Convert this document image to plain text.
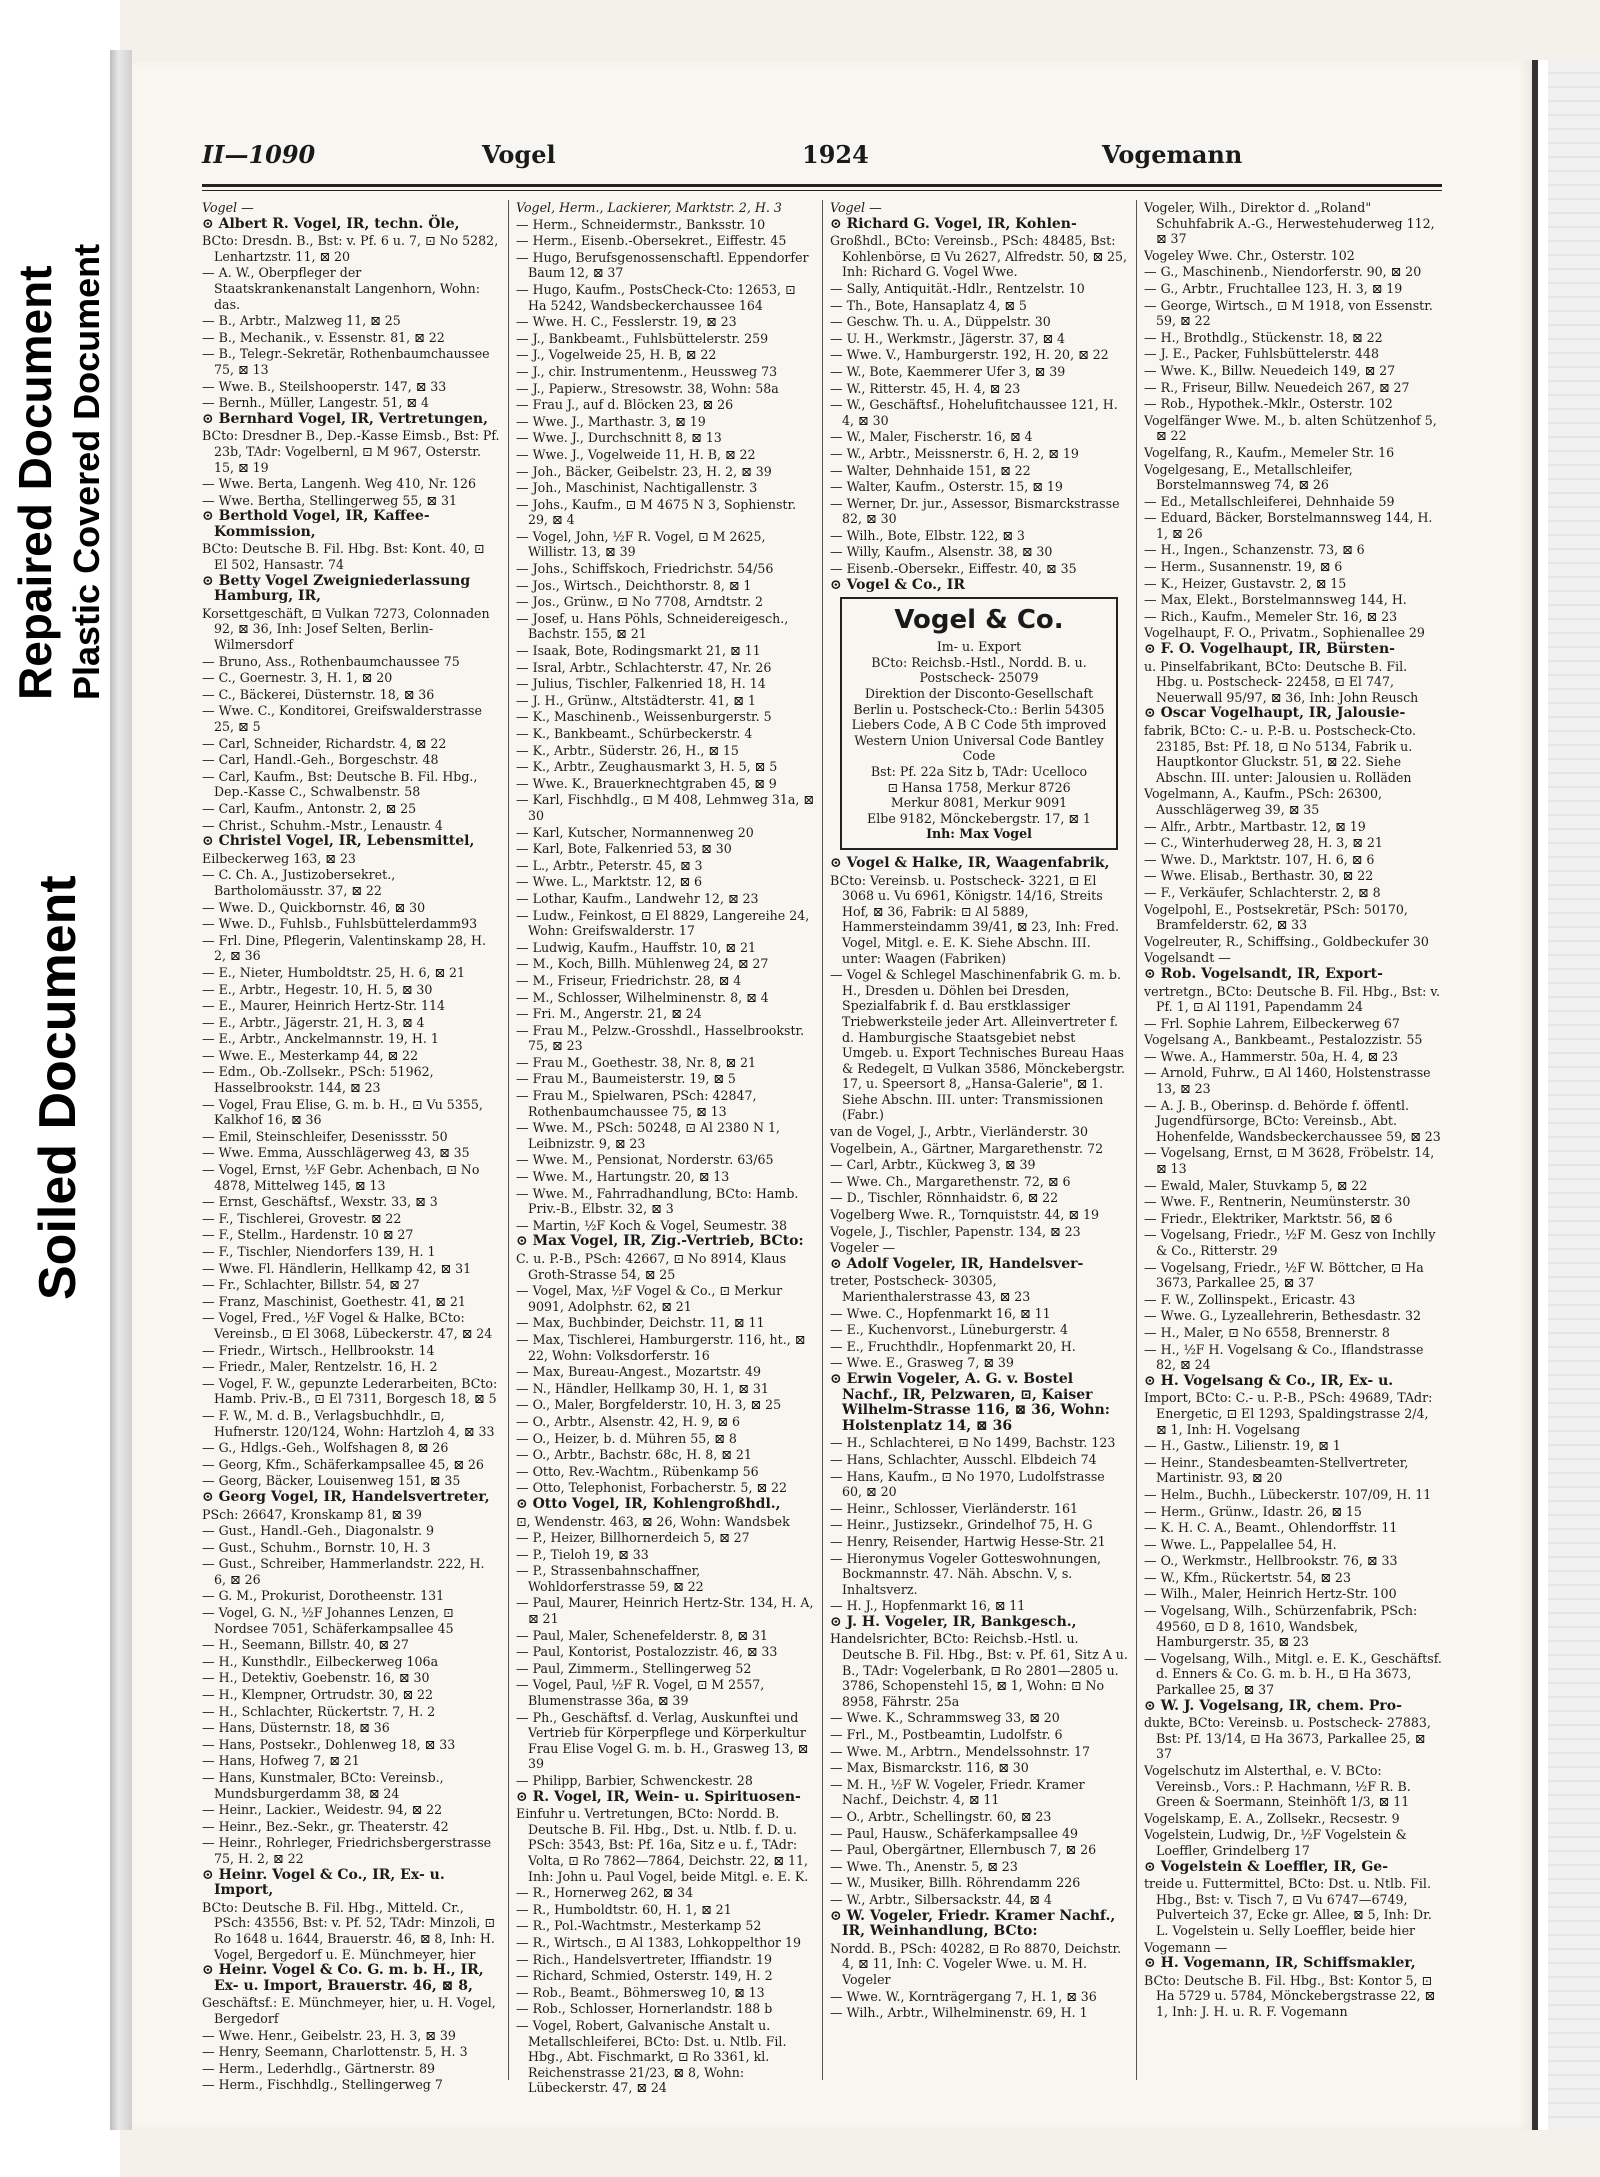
Repaired Document Plastic Covered Document
Soiled Document
II—1090	Vogel	1924	Vogemann

Vogel —

⊙ Albert R. Vogel, IR, techn. Öle,

BCto: Dresdn. B., Bst: v. Pf. 6 u. 7, ⊡ No 5282, Lenhartzstr. 11, ⊠ 20

— A. W., Oberpfleger der Staatskrankenanstalt Langenhorn, Wohn: das.

— B., Arbtr., Malzweg 11, ⊠ 25

— B., Mechanik., v. Essenstr. 81, ⊠ 22

— B., Telegr.-Sekretär, Rothenbaumchaussee 75, ⊠ 13

— Wwe. B., Steilshooperstr. 147, ⊠ 33

— Bernh., Müller, Langestr. 51, ⊠ 4

⊙ Bernhard Vogel, IR, Vertretungen,

BCto: Dresdner B., Dep.-Kasse Eimsb., Bst: Pf. 23b, TAdr: Vogelbernl, ⊡ M 967, Osterstr. 15, ⊠ 19

— Wwe. Berta, Langenh. Weg 410, Nr. 126

— Wwe. Bertha, Stellingerweg 55, ⊠ 31

⊙ Berthold Vogel, IR, Kaffee-Kommission,

BCto: Deutsche B. Fil. Hbg. Bst: Kont. 40, ⊡ El 502, Hansastr. 74

⊙ Betty Vogel Zweigniederlassung Hamburg, IR,

Korsettgeschäft, ⊡ Vulkan 7273, Colonnaden 92, ⊠ 36, Inh: Josef Selten, Berlin-Wilmersdorf

— Bruno, Ass., Rothenbaumchaussee 75

— C., Goernestr. 3, H. 1, ⊠ 20

— C., Bäckerei, Düsternstr. 18, ⊠ 36

— Wwe. C., Konditorei, Greifswalderstrasse 25, ⊠ 5

— Carl, Schneider, Richardstr. 4, ⊠ 22

— Carl, Handl.-Geh., Borgeschstr. 48

— Carl, Kaufm., Bst: Deutsche B. Fil. Hbg., Dep.-Kasse C., Schwalbenstr. 58

— Carl, Kaufm., Antonstr. 2, ⊠ 25

— Christ., Schuhm.-Mstr., Lenaustr. 4

⊙ Christel Vogel, IR, Lebensmittel,

Eilbeckerweg 163, ⊠ 23

— C. Ch. A., Justizobersekret., Bartholomäusstr. 37, ⊠ 22

— Wwe. D., Quickbornstr. 46, ⊠ 30

— Wwe. D., Fuhlsb., Fuhlsbüttelerdamm93

— Frl. Dine, Pflegerin, Valentinskamp 28, H. 2, ⊠ 36

— E., Nieter, Humboldtstr. 25, H. 6, ⊠ 21

— E., Arbtr., Hegestr. 10, H. 5, ⊠ 30

— E., Maurer, Heinrich Hertz-Str. 114

— E., Arbtr., Jägerstr. 21, H. 3, ⊠ 4

— E., Arbtr., Anckelmannstr. 19, H. 1

— Wwe. E., Mesterkamp 44, ⊠ 22

— Edm., Ob.-Zollsekr., PSch: 51962, Hasselbrookstr. 144, ⊠ 23

— Vogel, Frau Elise, G. m. b. H., ⊡ Vu 5355, Kalkhof 16, ⊠ 36

— Emil, Steinschleifer, Desenissstr. 50

— Wwe. Emma, Ausschlägerweg 43, ⊠ 35

— Vogel, Ernst, ½F Gebr. Achenbach, ⊡ No 4878, Mittelweg 145, ⊠ 13

— Ernst, Geschäftsf., Wexstr. 33, ⊠ 3

— F., Tischlerei, Grovestr. ⊠ 22

— F., Stellm., Hardenstr. 10 ⊠ 27

— F., Tischler, Niendorfers 139, H. 1

— Wwe. Fl. Händlerin, Hellkamp 42, ⊠ 31

— Fr., Schlachter, Billstr. 54, ⊠ 27

— Franz, Maschinist, Goethestr. 41, ⊠ 21

— Vogel, Fred., ½F Vogel & Halke, BCto: Vereinsb., ⊡ El 3068, Lübeckerstr. 47, ⊠ 24

— Friedr., Wirtsch., Hellbrookstr. 14

— Friedr., Maler, Rentzelstr. 16, H. 2

— Vogel, F. W., gepunzte Lederarbeiten, BCto: Hamb. Priv.-B., ⊡ El 7311, Borgesch 18, ⊠ 5

— F. W., M. d. B., Verlagsbuchhdlr., ⊡, Hufnerstr. 120/124, Wohn: Hartzloh 4, ⊠ 33

— G., Hdlgs.-Geh., Wolfshagen 8, ⊠ 26

— Georg, Kfm., Schäferkampsallee 45, ⊠ 26

— Georg, Bäcker, Louisenweg 151, ⊠ 35

⊙ Georg Vogel, IR, Handelsvertreter,

PSch: 26647, Kronskamp 81, ⊠ 39

— Gust., Handl.-Geh., Diagonalstr. 9

— Gust., Schuhm., Bornstr. 10, H. 3

— Gust., Schreiber, Hammerlandstr. 222, H. 6, ⊠ 26

— G. M., Prokurist, Dorotheenstr. 131

— Vogel, G. N., ½F Johannes Lenzen, ⊡ Nordsee 7051, Schäferkampsallee 45

— H., Seemann, Billstr. 40, ⊠ 27

— H., Kunsthdlr., Eilbeckerweg 106a

— H., Detektiv, Goebenstr. 16, ⊠ 30

— H., Klempner, Ortrudstr. 30, ⊠ 22

— H., Schlachter, Rückertstr. 7, H. 2

— Hans, Düsternstr. 18, ⊠ 36

— Hans, Postsekr., Dohlenweg 18, ⊠ 33

— Hans, Hofweg 7, ⊠ 21

— Hans, Kunstmaler, BCto: Vereinsb., Mundsburgerdamm 38, ⊠ 24

— Heinr., Lackier., Weidestr. 94, ⊠ 22

— Heinr., Bez.-Sekr., gr. Theaterstr. 42

— Heinr., Rohrleger, Friedrichsbergerstrasse 75, H. 2, ⊠ 22

⊙ Heinr. Vogel & Co., IR, Ex- u. Import,

BCto: Deutsche B. Fil. Hbg., Mitteld. Cr., PSch: 43556, Bst: v. Pf. 52, TAdr: Minzoli, ⊡ Ro 1648 u. 1644, Brauerstr. 46, ⊠ 8, Inh: H. Vogel, Bergedorf u. E. Münchmeyer, hier

⊙ Heinr. Vogel & Co. G. m. b. H., IR, Ex- u. Import, Brauerstr. 46, ⊠ 8,

Geschäftsf.: E. Münchmeyer, hier, u. H. Vogel, Bergedorf

— Wwe. Henr., Geibelstr. 23, H. 3, ⊠ 39

— Henry, Seemann, Charlottenstr. 5, H. 3

— Herm., Lederhdlg., Gärtnerstr. 89

— Herm., Fischhdlg., Stellingerweg 7

Vogel, Herm., Lackierer, Marktstr. 2, H. 3

— Herm., Schneidermstr., Banksstr. 10

— Herm., Eisenb.-Obersekret., Eiffestr. 45

— Hugo, Berufsgenossenschaftl. Eppendorfer Baum 12, ⊠ 37

— Hugo, Kaufm., PostsCheck-Cto: 12653, ⊡ Ha 5242, Wandsbeckerchaussee 164

— Wwe. H. C., Fesslerstr. 19, ⊠ 23

— J., Bankbeamt., Fuhlsbüttelerstr. 259

— J., Vogelweide 25, H. B, ⊠ 22

— J., chir. Instrumentenm., Heussweg 73

— J., Papierw., Stresowstr. 38, Wohn: 58a

— Frau J., auf d. Blöcken 23, ⊠ 26

— Wwe. J., Marthastr. 3, ⊠ 19

— Wwe. J., Durchschnitt 8, ⊠ 13

— Wwe. J., Vogelweide 11, H. B, ⊠ 22

— Joh., Bäcker, Geibelstr. 23, H. 2, ⊠ 39

— Joh., Maschinist, Nachtigallenstr. 3

— Johs., Kaufm., ⊡ M 4675 N 3, Sophienstr. 29, ⊠ 4

— Vogel, John, ½F R. Vogel, ⊡ M 2625, Willistr. 13, ⊠ 39

— Johs., Schiffskoch, Friedrichstr. 54/56

— Jos., Wirtsch., Deichthorstr. 8, ⊠ 1

— Jos., Grünw., ⊡ No 7708, Arndtstr. 2

— Josef, u. Hans Pöhls, Schneidereigesch., Bachstr. 155, ⊠ 21

— Isaak, Bote, Rodingsmarkt 21, ⊠ 11

— Isral, Arbtr., Schlachterstr. 47, Nr. 26

— Julius, Tischler, Falkenried 18, H. 14

— J. H., Grünw., Altstädterstr. 41, ⊠ 1

— K., Maschinenb., Weissenburgerstr. 5

— K., Bankbeamt., Schürbeckerstr. 4

— K., Arbtr., Süderstr. 26, H., ⊠ 15

— K., Arbtr., Zeughausmarkt 3, H. 5, ⊠ 5

— Wwe. K., Brauerknechtgraben 45, ⊠ 9

— Karl, Fischhdlg., ⊡ M 408, Lehmweg 31a, ⊠ 30

— Karl, Kutscher, Normannenweg 20

— Karl, Bote, Falkenried 53, ⊠ 30

— L., Arbtr., Peterstr. 45, ⊠ 3

— Wwe. L., Marktstr. 12, ⊠ 6

— Lothar, Kaufm., Landwehr 12, ⊠ 23

— Ludw., Feinkost, ⊡ El 8829, Langereihe 24, Wohn: Greifswalderstr. 17

— Ludwig, Kaufm., Hauffstr. 10, ⊠ 21

— M., Koch, Billh. Mühlenweg 24, ⊠ 27

— M., Friseur, Friedrichstr. 28, ⊠ 4

— M., Schlosser, Wilhelminenstr. 8, ⊠ 4

— Fri. M., Angerstr. 21, ⊠ 24

— Frau M., Pelzw.-Grosshdl., Hasselbrookstr. 75, ⊠ 23

— Frau M., Goethestr. 38, Nr. 8, ⊠ 21

— Frau M., Baumeisterstr. 19, ⊠ 5

— Frau M., Spielwaren, PSch: 42847, Rothenbaumchaussee 75, ⊠ 13

— Wwe. M., PSch: 50248, ⊡ Al 2380 N 1, Leibnizstr. 9, ⊠ 23

— Wwe. M., Pensionat, Norderstr. 63/65

— Wwe. M., Hartungstr. 20, ⊠ 13

— Wwe. M., Fahrradhandlung, BCto: Hamb. Priv.-B., Elbstr. 32, ⊠ 3

— Martin, ½F Koch & Vogel, Seumestr. 38

⊙ Max Vogel, IR, Zig.-Vertrieb, BCto:

C. u. P.-B., PSch: 42667, ⊡ No 8914, Klaus Groth-Strasse 54, ⊠ 25

— Vogel, Max, ½F Vogel & Co., ⊡ Merkur 9091, Adolphstr. 62, ⊠ 21

— Max, Buchbinder, Deichstr. 11, ⊠ 11

— Max, Tischlerei, Hamburgerstr. 116, ht., ⊠ 22, Wohn: Volksdorferstr. 16

— Max, Bureau-Angest., Mozartstr. 49

— N., Händler, Hellkamp 30, H. 1, ⊠ 31

— O., Maler, Borgfelderstr. 10, H. 3, ⊠ 25

— O., Arbtr., Alsenstr. 42, H. 9, ⊠ 6

— O., Heizer, b. d. Mühren 55, ⊠ 8

— O., Arbtr., Bachstr. 68c, H. 8, ⊠ 21

— Otto, Rev.-Wachtm., Rübenkamp 56

— Otto, Telephonist, Forbacherstr. 5, ⊠ 22

⊙ Otto Vogel, IR, Kohlengroßhdl.,

⊡, Wendenstr. 463, ⊠ 26, Wohn: Wandsbek

— P., Heizer, Billhornerdeich 5, ⊠ 27

— P., Tieloh 19, ⊠ 33

— P., Strassenbahnschaffner, Wohldorferstrasse 59, ⊠ 22

— Paul, Maurer, Heinrich Hertz-Str. 134, H. A, ⊠ 21

— Paul, Maler, Schenefelderstr. 8, ⊠ 31

— Paul, Kontorist, Postalozzistr. 46, ⊠ 33

— Paul, Zimmerm., Stellingerweg 52

— Vogel, Paul, ½F R. Vogel, ⊡ M 2557, Blumenstrasse 36a, ⊠ 39

— Ph., Geschäftsf. d. Verlag, Auskunftei und Vertrieb für Körperpflege und Körperkultur Frau Elise Vogel G. m. b. H., Grasweg 13, ⊠ 39

— Philipp, Barbier, Schwenckestr. 28

⊙ R. Vogel, IR, Wein- u. Spirituosen-

Einfuhr u. Vertretungen, BCto: Nordd. B. Deutsche B. Fil. Hbg., Dst. u. Ntlb. f. D. u. PSch: 3543, Bst: Pf. 16a, Sitz e u. f., TAdr: Volta, ⊡ Ro 7862—7864, Deichstr. 22, ⊠ 11, Inh: John u. Paul Vogel, beide Mitgl. e. E. K.

— R., Hornerweg 262, ⊠ 34

— R., Humboldtstr. 60, H. 1, ⊠ 21

— R., Pol.-Wachtmstr., Mesterkamp 52

— R., Wirtsch., ⊡ Al 1383, Lohkoppelthor 19

— Rich., Handelsvertreter, Iffiandstr. 19

— Richard, Schmied, Osterstr. 149, H. 2

— Rob., Beamt., Böhmersweg 10, ⊠ 13

— Rob., Schlosser, Hornerlandstr. 188 b

— Vogel, Robert, Galvanische Anstalt u. Metallschleiferei, BCto: Dst. u. Ntlb. Fil. Hbg., Abt. Fischmarkt, ⊡ Ro 3361, kl. Reichenstrasse 21/23, ⊠ 8, Wohn: Lübeckerstr. 47, ⊠ 24

Vogel —

⊙ Richard G. Vogel, IR, Kohlen-

Großhdl., BCto: Vereinsb., PSch: 48485, Bst: Kohlenbörse, ⊡ Vu 2627, Alfredstr. 50, ⊠ 25, Inh: Richard G. Vogel Wwe.

— Sally, Antiquität.-Hdlr., Rentzelstr. 10

— Th., Bote, Hansaplatz 4, ⊠ 5

— Geschw. Th. u. A., Düppelstr. 30

— U. H., Werkmstr., Jägerstr. 37, ⊠ 4

— Wwe. V., Hamburgerstr. 192, H. 20, ⊠ 22

— W., Bote, Kaemmerer Ufer 3, ⊠ 39

— W., Ritterstr. 45, H. 4, ⊠ 23

— W., Geschäftsf., Hohelufitchaussee 121, H. 4, ⊠ 30

— W., Maler, Fischerstr. 16, ⊠ 4

— W., Arbtr., Meissnerstr. 6, H. 2, ⊠ 19

— Walter, Dehnhaide 151, ⊠ 22

— Walter, Kaufm., Osterstr. 15, ⊠ 19

— Werner, Dr. jur., Assessor, Bismarckstrasse 82, ⊠ 30

— Wilh., Bote, Elbstr. 122, ⊠ 3

— Willy, Kaufm., Alsenstr. 38, ⊠ 30

— Eisenb.-Obersekr., Eiffestr. 40, ⊠ 35

⊙ Vogel & Co., IR

Vogel & Co.
Im- u. Export
BCto: Reichsb.-Hstl., Nordd. B. u. Postscheck- 25079
Direktion der Disconto-Gesellschaft Berlin u. Postscheck-Cto.: Berlin 54305
Liebers Code, A B C Code 5th improved
Western Union Universal Code Bantley Code
Bst: Pf. 22a Sitz b, TAdr: Ucelloco
⊡ Hansa 1758, Merkur 8726
Merkur 8081, Merkur 9091
Elbe 9182, Mönckebergstr. 17, ⊠ 1
Inh: Max Vogel

⊙ Vogel & Halke, IR, Waagenfabrik,

BCto: Vereinsb. u. Postscheck- 3221, ⊡ El 3068 u. Vu 6961, Königstr. 14/16, Streits Hof, ⊠ 36, Fabrik: ⊡ Al 5889, Hammersteindamm 39/41, ⊠ 23, Inh: Fred. Vogel, Mitgl. e. E. K. Siehe Abschn. III. unter: Waagen (Fabriken)

— Vogel & Schlegel Maschinenfabrik G. m. b. H., Dresden u. Döhlen bei Dresden, Spezialfabrik f. d. Bau erstklassiger Triebwerksteile jeder Art. Alleinvertreter f. d. Hamburgische Staatsgebiet nebst Umgeb. u. Export Technisches Bureau Haas & Redegelt, ⊡ Vulkan 3586, Mönckebergstr. 17, u. Speersort 8, „Hansa-Galerie", ⊠ 1. Siehe Abschn. III. unter: Transmissionen (Fabr.)

van de Vogel, J., Arbtr., Vierländerstr. 30

Vogelbein, A., Gärtner, Margarethenstr. 72

— Carl, Arbtr., Kückweg 3, ⊠ 39

— Wwe. Ch., Margarethenstr. 72, ⊠ 6

— D., Tischler, Rönnhaidstr. 6, ⊠ 22

Vogelberg Wwe. R., Tornquiststr. 44, ⊠ 19

Vogele, J., Tischler, Papenstr. 134, ⊠ 23

Vogeler —

⊙ Adolf Vogeler, IR, Handelsver-

treter, Postscheck- 30305, Marienthalerstrasse 43, ⊠ 23

— Wwe. C., Hopfenmarkt 16, ⊠ 11

— E., Kuchenvorst., Lüneburgerstr. 4

— E., Fruchthdlr., Hopfenmarkt 20, H.

— Wwe. E., Grasweg 7, ⊠ 39

⊙ Erwin Vogeler, A. G. v. Bostel Nachf., IR, Pelzwaren, ⊡, Kaiser Wilhelm-Strasse 116, ⊠ 36, Wohn: Holstenplatz 14, ⊠ 36

— H., Schlachterei, ⊡ No 1499, Bachstr. 123

— Hans, Schlachter, Ausschl. Elbdeich 74

— Hans, Kaufm., ⊡ No 1970, Ludolfstrasse 60, ⊠ 20

— Heinr., Schlosser, Vierländerstr. 161

— Heinr., Justizsekr., Grindelhof 75, H. G

— Henry, Reisender, Hartwig Hesse-Str. 21

— Hieronymus Vogeler Gotteswohnungen, Bockmannstr. 47. Näh. Abschn. V, s. Inhaltsverz.

— H. J., Hopfenmarkt 16, ⊠ 11

⊙ J. H. Vogeler, IR, Bankgesch.,

Handelsrichter, BCto: Reichsb.-Hstl. u. Deutsche B. Fil. Hbg., Bst: v. Pf. 61, Sitz A u. B., TAdr: Vogelerbank, ⊡ Ro 2801—2805 u. 3786, Schopenstehl 15, ⊠ 1, Wohn: ⊡ No 8958, Fährstr. 25a

— Wwe. K., Schrammsweg 33, ⊠ 20

— Frl., M., Postbeamtin, Ludolfstr. 6

— Wwe. M., Arbtrn., Mendelssohnstr. 17

— Max, Bismarckstr. 116, ⊠ 30

— M. H., ½F W. Vogeler, Friedr. Kramer Nachf., Deichstr. 4, ⊠ 11

— O., Arbtr., Schellingstr. 60, ⊠ 23

— Paul, Hausw., Schäferkampsallee 49

— Paul, Obergärtner, Ellernbusch 7, ⊠ 26

— Wwe. Th., Anenstr. 5, ⊠ 23

— W., Musiker, Billh. Röhrendamm 226

— W., Arbtr., Silbersackstr. 44, ⊠ 4

⊙ W. Vogeler, Friedr. Kramer Nachf., IR, Weinhandlung, BCto:

Nordd. B., PSch: 40282, ⊡ Ro 8870, Deichstr. 4, ⊠ 11, Inh: C. Vogeler Wwe. u. M. H. Vogeler

— Wwe. W., Kornträgergang 7, H. 1, ⊠ 36

— Wilh., Arbtr., Wilhelminenstr. 69, H. 1

Vogeler, Wilh., Direktor d. „Roland" Schuhfabrik A.-G., Herwestehuderweg 112, ⊠ 37

Vogeley Wwe. Chr., Osterstr. 102

— G., Maschinenb., Niendorferstr. 90, ⊠ 20

— G., Arbtr., Fruchtallee 123, H. 3, ⊠ 19

— George, Wirtsch., ⊡ M 1918, von Essenstr. 59, ⊠ 22

— H., Brothdlg., Stückenstr. 18, ⊠ 22

— J. E., Packer, Fuhlsbüttelerstr. 448

— Wwe. K., Billw. Neuedeich 149, ⊠ 27

— R., Friseur, Billw. Neuedeich 267, ⊠ 27

— Rob., Hypothek.-Mklr., Osterstr. 102

Vogelfänger Wwe. M., b. alten Schützenhof 5, ⊠ 22

Vogelfang, R., Kaufm., Memeler Str. 16

Vogelgesang, E., Metallschleifer, Borstelmannsweg 74, ⊠ 26

— Ed., Metallschleiferei, Dehnhaide 59

— Eduard, Bäcker, Borstelmannsweg 144, H. 1, ⊠ 26

— H., Ingen., Schanzenstr. 73, ⊠ 6

— Herm., Susannenstr. 19, ⊠ 6

— K., Heizer, Gustavstr. 2, ⊠ 15

— Max, Elekt., Borstelmannsweg 144, H.

— Rich., Kaufm., Memeler Str. 16, ⊠ 23

Vogelhaupt, F. O., Privatm., Sophienallee 29

⊙ F. O. Vogelhaupt, IR, Bürsten-

u. Pinselfabrikant, BCto: Deutsche B. Fil. Hbg. u. Postscheck- 22458, ⊡ El 747, Neuerwall 95/97, ⊠ 36, Inh: John Reusch

⊙ Oscar Vogelhaupt, IR, Jalousie-

fabrik, BCto: C.- u. P.-B. u. Postscheck-Cto. 23185, Bst: Pf. 18, ⊡ No 5134, Fabrik u. Hauptkontor Gluckstr. 51, ⊠ 22. Siehe Abschn. III. unter: Jalousien u. Rolläden

Vogelmann, A., Kaufm., PSch: 26300, Ausschlägerweg 39, ⊠ 35

— Alfr., Arbtr., Martbastr. 12, ⊠ 19

— C., Winterhuderweg 28, H. 3, ⊠ 21

— Wwe. D., Marktstr. 107, H. 6, ⊠ 6

— Wwe. Elisab., Berthastr. 30, ⊠ 22

— F., Verkäufer, Schlachterstr. 2, ⊠ 8

Vogelpohl, E., Postsekretär, PSch: 50170, Bramfelderstr. 62, ⊠ 33

Vogelreuter, R., Schiffsing., Goldbeckufer 30

Vogelsandt —

⊙ Rob. Vogelsandt, IR, Export-

vertretgn., BCto: Deutsche B. Fil. Hbg., Bst: v. Pf. 1, ⊡ Al 1191, Papendamm 24

— Frl. Sophie Lahrem, Eilbeckerweg 67

Vogelsang A., Bankbeamt., Pestalozzistr. 55

— Wwe. A., Hammerstr. 50a, H. 4, ⊠ 23

— Arnold, Fuhrw., ⊡ Al 1460, Holstenstrasse 13, ⊠ 23

— A. J. B., Oberinsp. d. Behörde f. öffentl. Jugendfürsorge, BCto: Vereinsb., Abt. Hohenfelde, Wandsbeckerchaussee 59, ⊠ 23

— Vogelsang, Ernst, ⊡ M 3628, Fröbelstr. 14, ⊠ 13

— Ewald, Maler, Stuvkamp 5, ⊠ 22

— Wwe. F., Rentnerin, Neumünsterstr. 30

— Friedr., Elektriker, Marktstr. 56, ⊠ 6

— Vogelsang, Friedr., ½F M. Gesz von Inchlly & Co., Ritterstr. 29

— Vogelsang, Friedr., ½F W. Böttcher, ⊡ Ha 3673, Parkallee 25, ⊠ 37

— F. W., Zollinspekt., Ericastr. 43

— Wwe. G., Lyzeallehrerin, Bethesdastr. 32

— H., Maler, ⊡ No 6558, Brennerstr. 8

— H., ½F H. Vogelsang & Co., Iflandstrasse 82, ⊠ 24

⊙ H. Vogelsang & Co., IR, Ex- u.

Import, BCto: C.- u. P.-B., PSch: 49689, TAdr: Energetic, ⊡ El 1293, Spaldingstrasse 2/4, ⊠ 1, Inh: H. Vogelsang

— H., Gastw., Lilienstr. 19, ⊠ 1

— Heinr., Standesbeamten-Stellvertreter, Martinistr. 93, ⊠ 20

— Helm., Buchh., Lübeckerstr. 107/09, H. 11

— Herm., Grünw., Idastr. 26, ⊠ 15

— K. H. C. A., Beamt., Ohlendorffstr. 11

— Wwe. L., Pappelallee 54, H.

— O., Werkmstr., Hellbrookstr. 76, ⊠ 33

— W., Kfm., Rückertstr. 54, ⊠ 23

— Wilh., Maler, Heinrich Hertz-Str. 100

— Vogelsang, Wilh., Schürzenfabrik, PSch: 49560, ⊡ D 8, 1610, Wandsbek, Hamburgerstr. 35, ⊠ 23

— Vogelsang, Wilh., Mitgl. e. E. K., Geschäftsf. d. Enners & Co. G. m. b. H., ⊡ Ha 3673, Parkallee 25, ⊠ 37

⊙ W. J. Vogelsang, IR, chem. Pro-

dukte, BCto: Vereinsb. u. Postscheck- 27883, Bst: Pf. 13/14, ⊡ Ha 3673, Parkallee 25, ⊠ 37

Vogelschutz im Alsterthal, e. V. BCto: Vereinsb., Vors.: P. Hachmann, ½F R. B. Green & Soermann, Steinhöft 1/3, ⊠ 11

Vogelskamp, E. A., Zollsekr., Recsestr. 9

Vogelstein, Ludwig, Dr., ½F Vogelstein & Loeffler, Grindelberg 17

⊙ Vogelstein & Loeffler, IR, Ge-

treide u. Futtermittel, BCto: Dst. u. Ntlb. Fil. Hbg., Bst: v. Tisch 7, ⊡ Vu 6747—6749, Pulverteich 37, Ecke gr. Allee, ⊠ 5, Inh: Dr. L. Vogelstein u. Selly Loeffler, beide hier

Vogemann —

⊙ H. Vogemann, IR, Schiffsmakler,

BCto: Deutsche B. Fil. Hbg., Bst: Kontor 5, ⊡ Ha 5729 u. 5784, Mönckebergstrasse 22, ⊠ 1, Inh: J. H. u. R. F. Vogemann
